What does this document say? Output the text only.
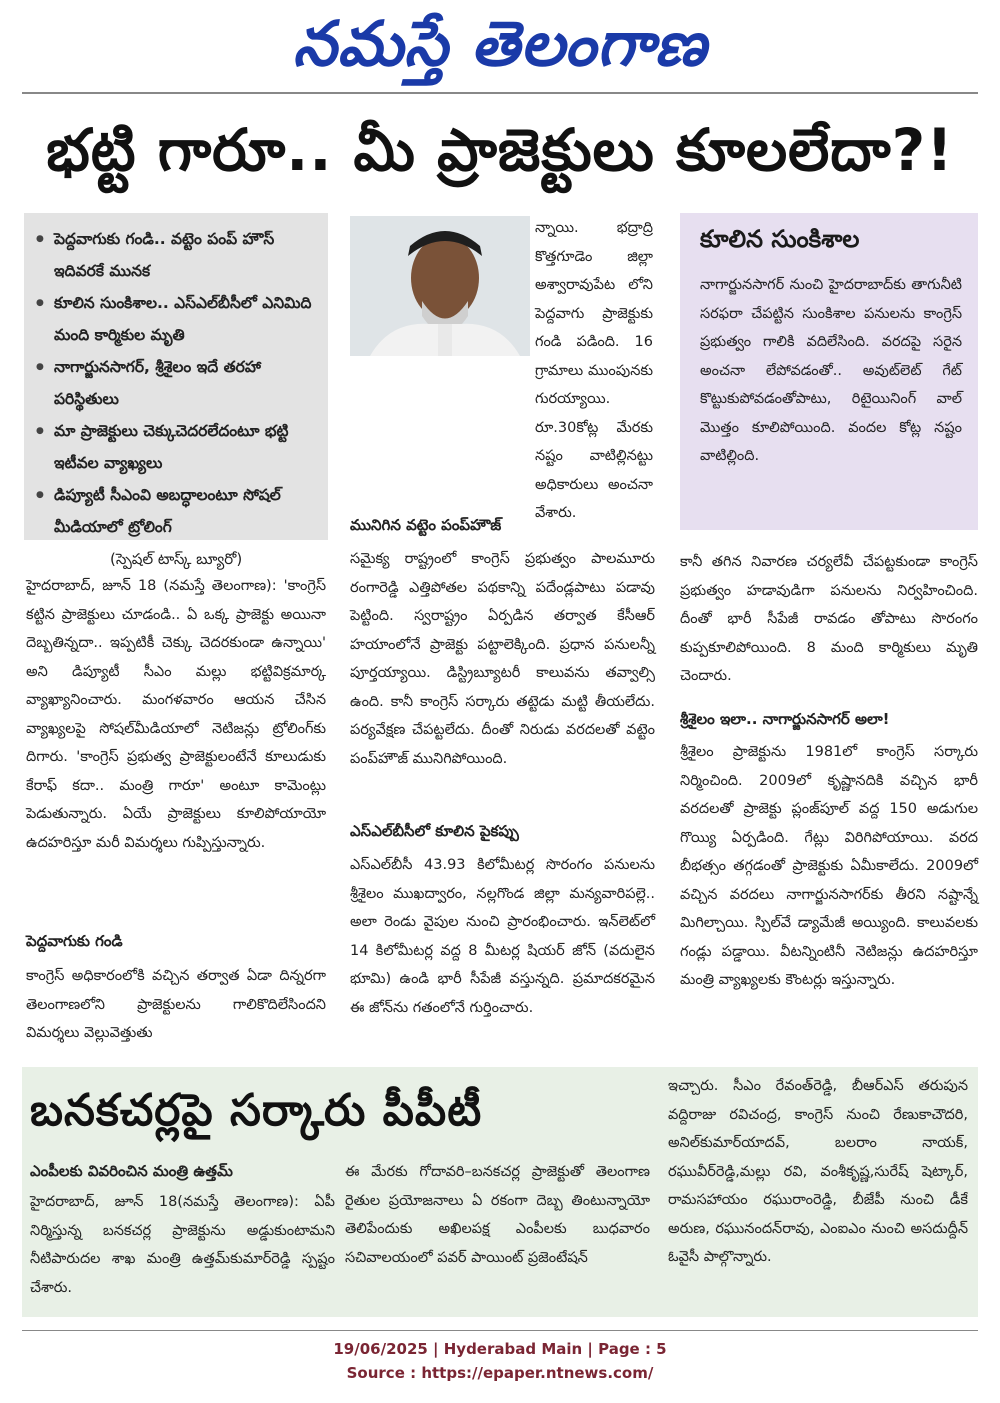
నమస్తే తెలంగాణ
భట్టి గారూ.. మీ ప్రాజెక్టులు కూలలేదా?!
● పెద్దవాగుకు గండి.. వట్టెం పంప్ హౌస్ ఇదివరకే మునక
● కూలిన సుంకిశాల.. ఎస్ఎల్‌బీసీలో ఎనిమిది మంది కార్మికుల మృతి
● నాగార్జునసాగర్, శ్రీశైలం ఇదే తరహా పరిస్థితులు
● మా ప్రాజెక్టులు చెక్కుచెదరలేదంటూ భట్టి ఇటీవల వ్యాఖ్యలు
● డిప్యూటీ సీఎంవి అబద్ధాలంటూ సోషల్ మీడియాలో ట్రోలింగ్
(స్పెషల్ టాస్క్ బ్యూరో)

హైదరాబాద్, జూన్ 18 (నమస్తే తెలంగాణ): 'కాంగ్రెస్ కట్టిన ప్రాజెక్టులు చూడండి.. ఏ ఒక్క ప్రాజెక్టు అయినా దెబ్బతిన్నదా.. ఇప్పటికీ చెక్కు చెదరకుండా ఉన్నాయి' అని డిప్యూటీ సీఎం మల్లు భట్టివిక్రమార్క వ్యాఖ్యానించారు. మంగళవారం ఆయన చేసిన వ్యాఖ్యలపై సోషల్‌మీడియాలో నెటిజన్లు ట్రోలింగ్‌కు దిగారు. 'కాంగ్రెస్ ప్రభుత్వ ప్రాజెక్టులంటేనే కూలుడుకు కేరాఫ్ కదా.. మంత్రి గారూ' అంటూ కామెంట్లు పెడుతున్నారు. ఏయే ప్రాజెక్టులు కూలిపోయాయో ఉదహరిస్తూ మరీ విమర్శలు గుప్పిస్తున్నారు.

పెద్దవాగుకు గండి

కాంగ్రెస్ అధికారంలోకి వచ్చిన తర్వాత ఏడా దిన్నరగా తెలంగాణలోని ప్రాజెక్టులను గాలికొదిలేసిందని విమర్శలు వెల్లువెత్తుతు

న్నాయి. భద్రాద్రి కొత్తగూడెం జిల్లా అశ్వారావుపేట లోని పెద్దవాగు ప్రాజెక్టుకు గండి పడింది. 16 గ్రామాలు ముంపునకు గురయ్యాయి. రూ.30కోట్ల మేరకు నష్టం వాటిల్లినట్టు అధికారులు అంచనా వేశారు.

మునిగిన వట్టెం పంప్‌హౌజ్

సమైక్య రాష్ట్రంలో కాంగ్రెస్ ప్రభుత్వం పాలమూరు రంగారెడ్డి ఎత్తిపోతల పథకాన్ని పదేండ్లపాటు పడావు పెట్టింది. స్వరాష్ట్రం ఏర్పడిన తర్వాత కేసీఆర్ హయాంలోనే ప్రాజెక్టు పట్టాలెక్కింది. ప్రధాన పనులన్నీ పూర్తయ్యాయి. డిస్ట్రిబ్యూటరీ కాలువను తవ్వాల్సి ఉంది. కానీ కాంగ్రెస్ సర్కారు తట్టెడు మట్టి తీయలేదు. పర్యవేక్షణ చేపట్టలేదు. దీంతో నిరుడు వరదలతో వట్టెం పంప్‌హౌజ్ మునిగిపోయింది.

ఎస్ఎల్‌బీసీలో కూలిన పైకప్పు

ఎస్ఎల్‌బీసీ 43.93 కిలోమీటర్ల సొరంగం పనులను శ్రీశైలం ముఖద్వారం, నల్లగొండ జిల్లా మన్యవారిపల్లె.. అలా రెండు వైపుల నుంచి ప్రారంభించారు. ఇన్‌లెట్‌లో 14 కిలోమీటర్ల వద్ద 8 మీటర్ల షియర్ జోన్ (వదులైన భూమి) ఉండి భారీ సీపేజీ వస్తున్నది. ప్రమాదకరమైన ఈ జోన్‌ను గతంలోనే గుర్తించారు.

కూలిన సుంకిశాల

నాగార్జునసాగర్ నుంచి హైదరాబాద్‌కు తాగునీటి సరఫరా చేపట్టిన సుంకిశాల పనులను కాంగ్రెస్ ప్రభుత్వం గాలికి వదిలేసింది. వరదపై సరైన అంచనా లేపోవడంతో.. అవుట్‌లెట్ గేట్ కొట్టుకుపోవడంతోపాటు, రిటైయినింగ్ వాల్ మొత్తం కూలిపోయింది. వందల కోట్ల నష్టం వాటిల్లింది.

కానీ తగిన నివారణ చర్యలేవీ చేపట్టకుండా కాంగ్రెస్ ప్రభుత్వం హడావుడిగా పనులను నిర్వహించింది. దీంతో భారీ సీపేజీ రావడం తోపాటు సొరంగం కుప్పకూలిపోయింది. 8 మంది కార్మికులు మృతి చెందారు.

శ్రీశైలం ఇలా.. నాగార్జునసాగర్ అలా!

శ్రీశైలం ప్రాజెక్టును 1981లో కాంగ్రెస్ సర్కారు నిర్మించింది. 2009లో కృష్ణానదికి వచ్చిన భారీ వరదలతో ప్రాజెక్టు ప్లంజ్‌పూల్ వద్ద 150 అడుగుల గొయ్యి ఏర్పడింది. గేట్లు విరిగిపోయాయి. వరద బీభత్సం తగ్గడంతో ప్రాజెక్టుకు ఏమీకాలేదు. 2009లో వచ్చిన వరదలు నాగార్జునసాగర్‌కు తీరని నష్టాన్నే మిగిల్చాయి. స్పిల్‌వే డ్యామేజీ అయ్యింది. కాలువలకు గండ్లు పడ్డాయి. వీటన్నింటినీ నెటిజన్లు ఉదహరిస్తూ మంత్రి వ్యాఖ్యలకు కౌంటర్లు ఇస్తున్నారు.

బనకచర్లపై సర్కారు పీపీటీ
ఎంపీలకు వివరించిన మంత్రి ఉత్తమ్

హైదరాబాద్, జూన్ 18(నమస్తే తెలంగాణ): ఏపీ నిర్మిస్తున్న బనకచర్ల ప్రాజెక్టును అడ్డుకుంటామని నీటిపారుదల శాఖ మంత్రి ఉత్తమ్‌కుమార్‌రెడ్డి స్పష్టం చేశారు.

ఈ మేరకు గోదావరి–బనకచర్ల ప్రాజెక్టుతో తెలంగాణ రైతుల ప్రయోజనాలు ఏ రకంగా దెబ్బ తింటున్నాయో తెలిపేందుకు అఖిలపక్ష ఎంపీలకు బుధవారం సచివాలయంలో పవర్ పాయింట్ ప్రజెంటేషన్

ఇచ్చారు. సీఎం రేవంత్‌రెడ్డి, బీఆర్ఎస్ తరుపున వద్దిరాజు రవిచంద్ర, కాంగ్రెస్ నుంచి రేణుకాచౌదరి, అనిల్‌కుమార్‌యాదవ్, బలరాం నాయక్, రఘువీర్‌రెడ్డి,మల్లు రవి, వంశీకృష్ణ,సురేష్ షెట్కార్, రామసహాయం రఘురాంరెడ్డి, బీజేపీ నుంచి డీకే అరుణ, రఘునందన్‌రావు, ఎంఐఎం నుంచి అసదుద్దీన్ ఓవైసీ పాల్గొన్నారు.

19/06/2025 | Hyderabad Main | Page : 5
Source : https://epaper.ntnews.com/
